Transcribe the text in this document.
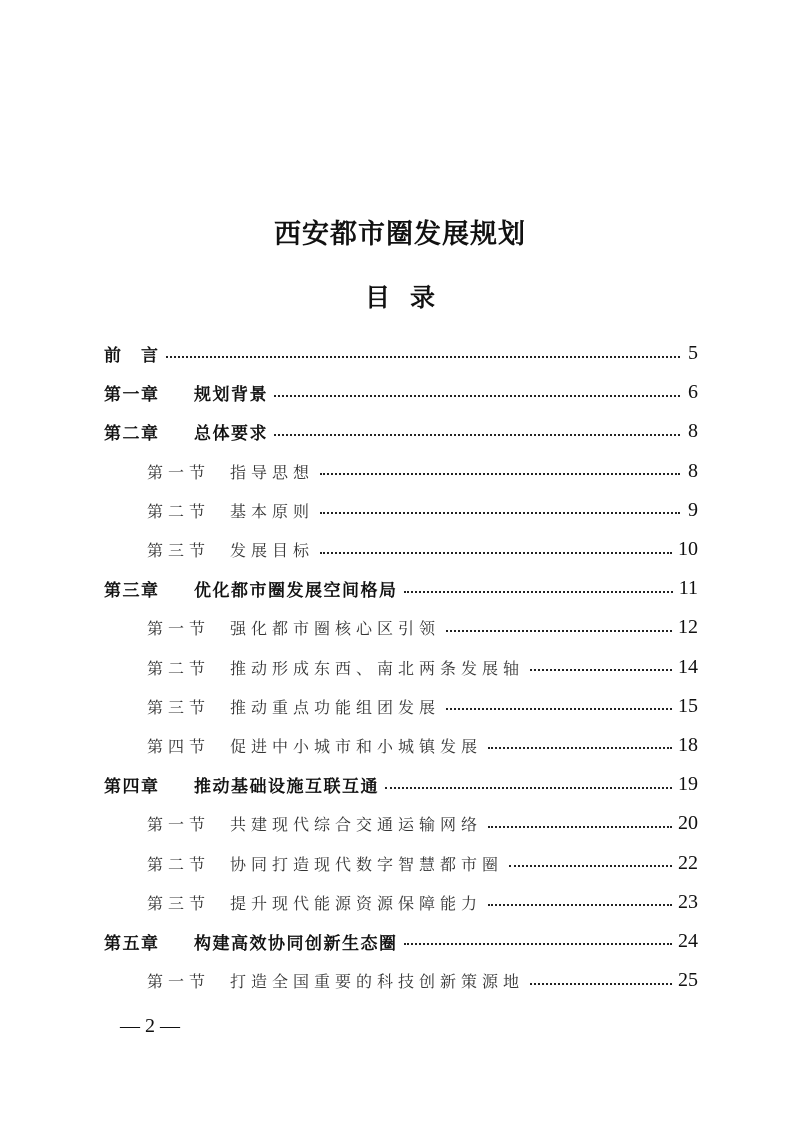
西安都市圈发展规划
目 录
前　言	5
第一章 规划背景	6
第二章 总体要求	8
第一节 指导思想	8
第二节 基本原则	9
第三节 发展目标	10
第三章 优化都市圈发展空间格局	11
第一节 强化都市圈核心区引领	12
第二节 推动形成东西、南北两条发展轴	14
第三节 推动重点功能组团发展	15
第四节 促进中小城市和小城镇发展	18
第四章 推动基础设施互联互通	19
第一节 共建现代综合交通运输网络	20
第二节 协同打造现代数字智慧都市圈	22
第三节 提升现代能源资源保障能力	23
第五章 构建高效协同创新生态圈	24
第一节 打造全国重要的科技创新策源地	25
— 2 —
